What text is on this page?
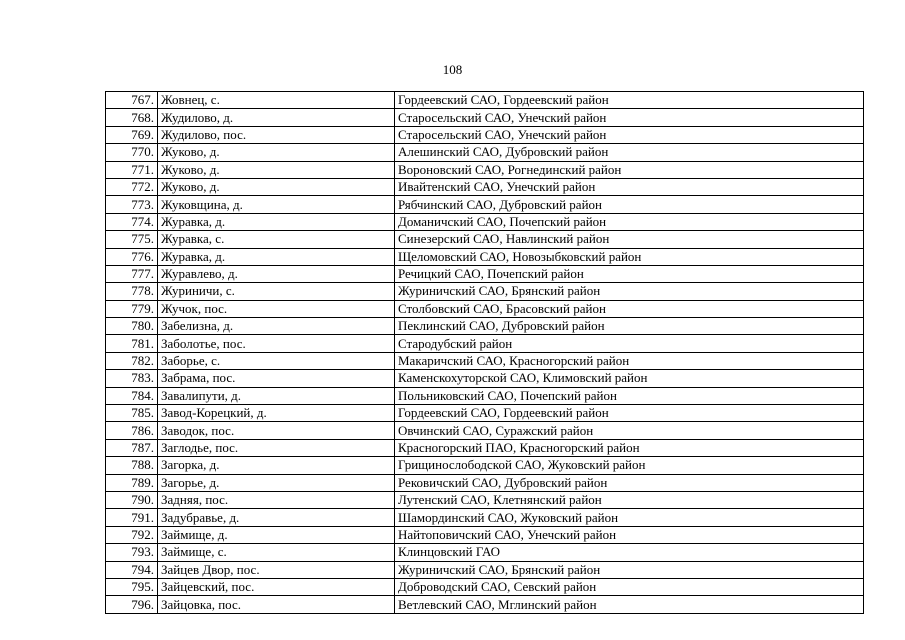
108
767.	Жовнец, с.	Гордеевский САО, Гордеевский район
768.	Жудилово, д.	Старосельский САО, Унечский район
769.	Жудилово, пос.	Старосельский САО, Унечский район
770.	Жуково, д.	Алешинский САО, Дубровский район
771.	Жуково, д.	Вороновский САО, Рогнединский район
772.	Жуково, д.	Ивайтенский САО, Унечский район
773.	Жуковщина, д.	Рябчинский САО, Дубровский район
774.	Журавка, д.	Доманичский САО, Почепский район
775.	Журавка, с.	Синезерский САО, Навлинский район
776.	Журавка, д.	Щеломовский САО, Новозыбковский район
777.	Журавлево, д.	Речицкий САО, Почепский район
778.	Журиничи, с.	Журиничский САО, Брянский район
779.	Жучок, пос.	Столбовский САО, Брасовский район
780.	Забелизна, д.	Пеклинский САО, Дубровский район
781.	Заболотье, пос.	Стародубский район
782.	Заборье, с.	Макаричский САО, Красногорский район
783.	Забрама, пос.	Каменскохуторской САО, Климовский район
784.	Завалипути, д.	Польниковский САО, Почепский район
785.	Завод-Корецкий, д.	Гордеевский САО, Гордеевский район
786.	Заводок, пос.	Овчинский САО, Суражский район
787.	Заглодье, пос.	Красногорский ПАО, Красногорский район
788.	Загорка, д.	Грищинослободской САО, Жуковский район
789.	Загорье, д.	Рековичский САО, Дубровский район
790.	Задняя, пос.	Лутенский САО, Клетнянский район
791.	Задубравье, д.	Шамординский САО, Жуковский район
792.	Займище, д.	Найтоповичский САО, Унечский район
793.	Займище, с.	Клинцовский ГАО
794.	Зайцев Двор, пос.	Журиничский САО, Брянский район
795.	Зайцевский, пос.	Доброводский САО, Севский район
796.	Зайцовка, пос.	Ветлевский САО, Мглинский район
